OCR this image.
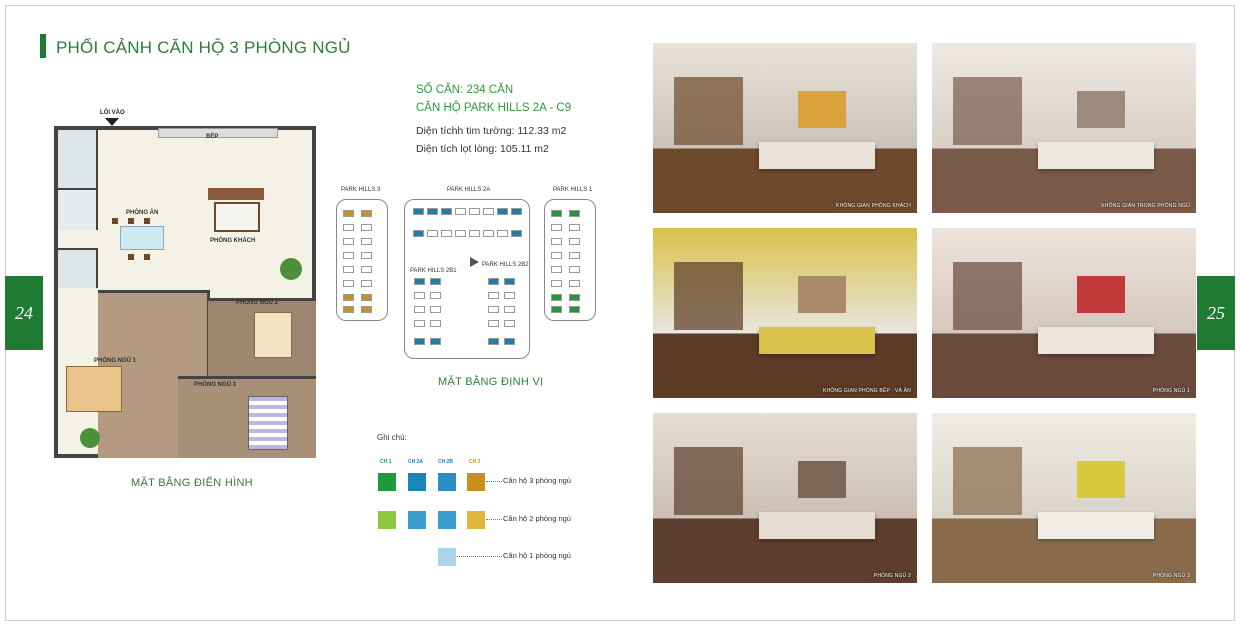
PHỐI CẢNH CĂN HỘ 3 PHÒNG NGỦ
24	25
LỐI VÀO
BẾP
PHÒNG ĂN
PHÒNG KHÁCH
PHÒNG NGỦ 1
PHÒNG NGỦ 2
PHÒNG NGỦ 3
MẶT BẰNG ĐIỂN HÌNH
SỐ CĂN: 234 CĂN
CĂN HỘ PARK HILLS 2A - C9
Diện tíchh tim tường: 112.33 m2
Diện tích lọt lòng: 105.11 m2
PARK HILLS 3	PARK HILLS 2A	PARK HILLS 1
PARK HILLS 2B1
PARK HILLS 2B2
MẶT BẰNG ĐỊNH VỊ
Ghi chú:
CH 1	CH 2A	CH 2B	CH 3
Căn hộ 3 phòng ngủ
Căn hộ 2 phòng ngủ
Căn hộ 1 phòng ngủ
KHÔNG GIAN PHÒNG KHÁCH	KHÔNG GIAN TRONG PHÒNG NGỦ
KHÔNG GIAN PHÒNG BẾP · VÀ ĂN	PHÒNG NGỦ 1
PHÒNG NGỦ 2	PHÒNG NGỦ 3
